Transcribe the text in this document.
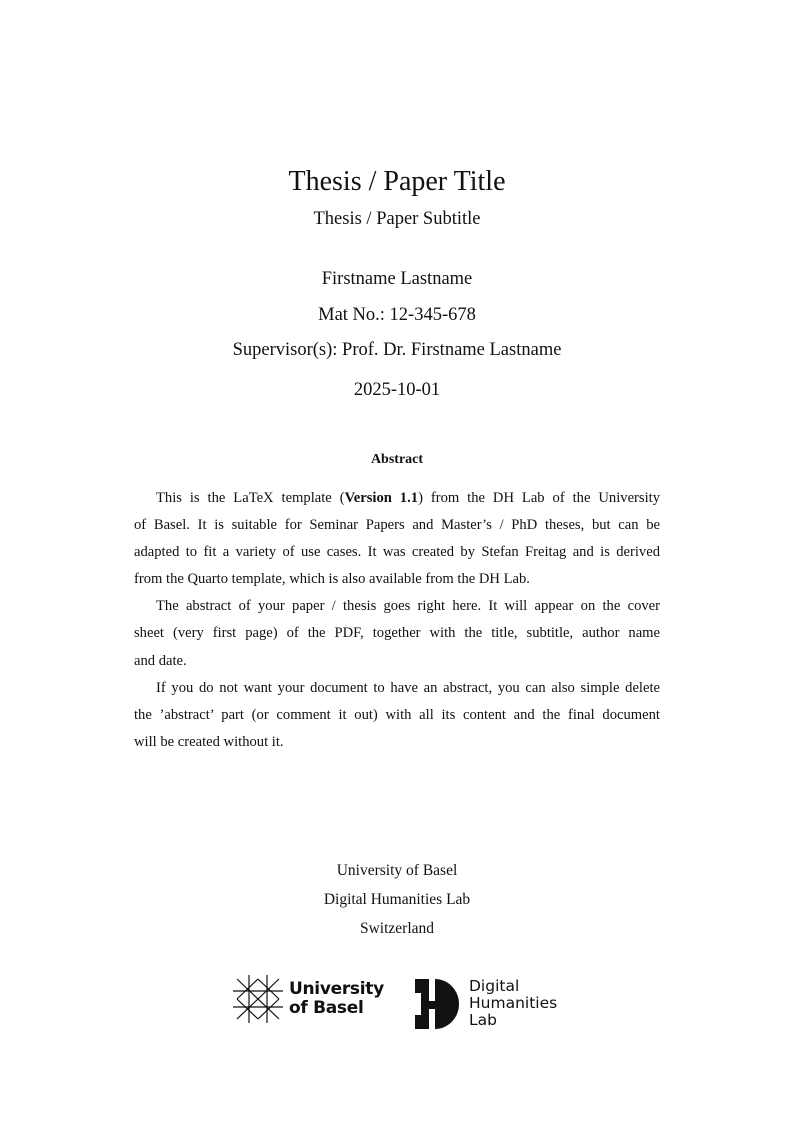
Thesis / Paper Title
Thesis / Paper Subtitle
Firstname Lastname
Mat No.: 12-345-678
Supervisor(s): Prof. Dr. Firstname Lastname
2025-10-01
Abstract
This is the LaTeX template (Version 1.1) from the DH Lab of the University
of Basel. It is suitable for Seminar Papers and Master’s / PhD theses, but can be
adapted to fit a variety of use cases. It was created by Stefan Freitag and is derived
from the Quarto template, which is also available from the DH Lab.
The abstract of your paper / thesis goes right here. It will appear on the cover
sheet (very first page) of the PDF, together with the title, subtitle, author name
and date.
If you do not want your document to have an abstract, you can also simple delete
the ’abstract’ part (or comment it out) with all its content and the final document
will be created without it.
University of Basel
Digital Humanities Lab
Switzerland
University
of Basel
Digital
Humanities
Lab
